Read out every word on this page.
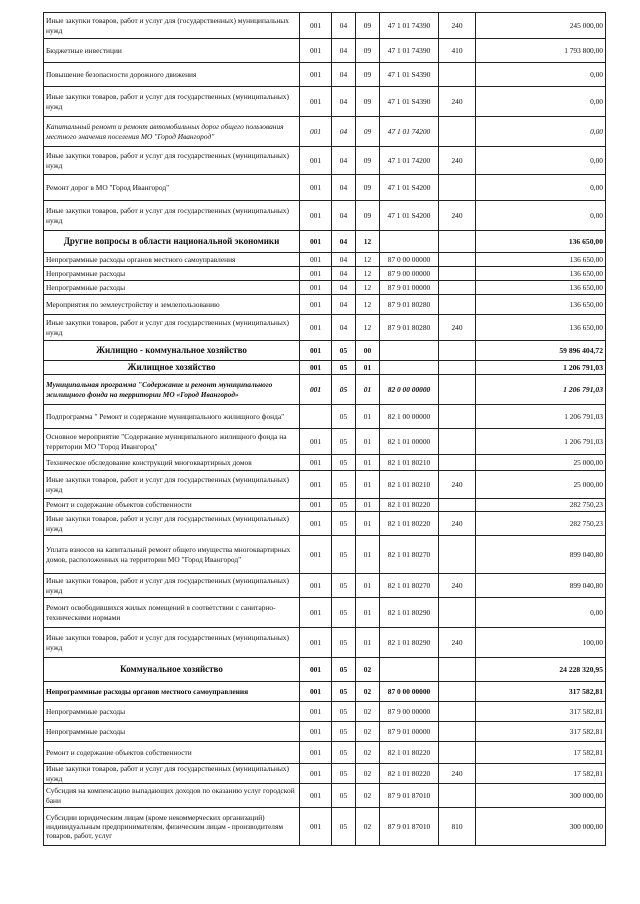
Иные закупки товаров, работ и услуг для (государственных) муниципальных нужд	001	04	09	47 1 01 74390	240	245 000,00
Бюджетные инвестиции	001	04	09	47 1 01 74390	410	1 793 800,00
Повышение безопасности дорожного движения	001	04	09	47 1 01 S4390		0,00
Иные закупки товаров, работ и услуг для государственных (муниципальных) нужд	001	04	09	47 1 01 S4390	240	0,00
Капитальный ремонт и ремонт автомобильных дорог общего пользования местного значения поселения МО "Город Ивангород"	001	04	09	47 1 01 74200		0,00
Иные закупки товаров, работ и услуг для государственных (муниципальных) нужд	001	04	09	47 1 01 74200	240	0,00
Ремонт дорог в МО "Город Ивангород"	001	04	09	47 1 01 S4200		0,00
Иные закупки товаров, работ и услуг для государственных (муниципальных) нужд	001	04	09	47 1 01 S4200	240	0,00
Другие вопросы в области национальной экономики	001	04	12			136 650,00
Непрограммные расходы органов местного самоуправления	001	04	12	87 0 00 00000		136 650,00
Непрограммные расходы	001	04	12	87 9 00 00000		136 650,00
Непрограммные расходы	001	04	12	87 9 01 00000		136 650,00
Мероприятия по землеустройству и землепользованию	001	04	12	87 9 01 80280		136 650,00
Иные закупки товаров, работ и услуг для государственных (муниципальных) нужд	001	04	12	87 9 01 80280	240	136 650,00
Жилищно - коммунальное хозяйство	001	05	00			59 896 404,72
Жилищное хозяйство	001	05	01			1 206 791,03
Муниципальная программа "Содержание и ремонт муниципального жилищного фонда на территории МО «Город Ивангород»	001	05	01	82 0 00 00000		1 206 791,03
Подпрограмма " Ремонт и содержание муниципального жилищного фонда"		05	01	82 1 00 00000		1 206 791,03
Основное мероприятие "Содержание муниципального жилищного фонда на территории МО "Город Ивангород"	001	05	01	82 1 01 00000		1 206 791,03
Техническое обследование конструкций многоквартирных домов	001	05	01	82 1 01 80210		25 000,00
Иные закупки товаров, работ и услуг для государственных (муниципальных) нужд	001	05	01	82 1 01 80210	240	25 000,00
Ремонт и содержание объектов собственности	001	05	01	82 1 01 80220		282 750,23
Иные закупки товаров, работ и услуг для государственных (муниципальных) нужд	001	05	01	82 1 01 80220	240	282 750,23
Уплата взносов на капитальный ремонт общего имущества многоквартирных домов, расположенных на территории МО "Город Ивангород"	001	05	01	82 1 01 80270		899 040,80
Иные закупки товаров, работ и услуг для государственных (муниципальных) нужд	001	05	01	82 1 01 80270	240	899 040,80
Ремонт освободившихся жилых помещений в соответствии с санитарно-техническими нормами	001	05	01	82 1 01 80290		0,00
Иные закупки товаров, работ и услуг для государственных (муниципальных) нужд	001	05	01	82 1 01 80290	240	100,00
Коммунальное хозяйство	001	05	02			24 228 320,95
Непрограммные расходы органов местного самоуправления	001	05	02	87 0 00 00000		317 582,81
Непрограммные расходы	001	05	02	87 9 00 00000		317 582,81
Непрограммные расходы	001	05	02	87 9 01 00000		317 582,81
Ремонт и содержание объектов собственности	001	05	02	82 1 01 80220		17 582,81
Иные закупки товаров, работ и услуг для государственных (муниципальных) нужд	001	05	02	82 1 01 80220	240	17 582,81
Субсидия на компенсацию выпадающих доходов по оказанию услуг городской бани	001	05	02	87 9 01 87010		300 000,00
Субсидии юридическим лицам (кроме некоммерческих организаций) индивидуальным предпринимателям, физическим лицам - производителям товаров, работ, услуг	001	05	02	87 9 01 87010	810	300 000,00
